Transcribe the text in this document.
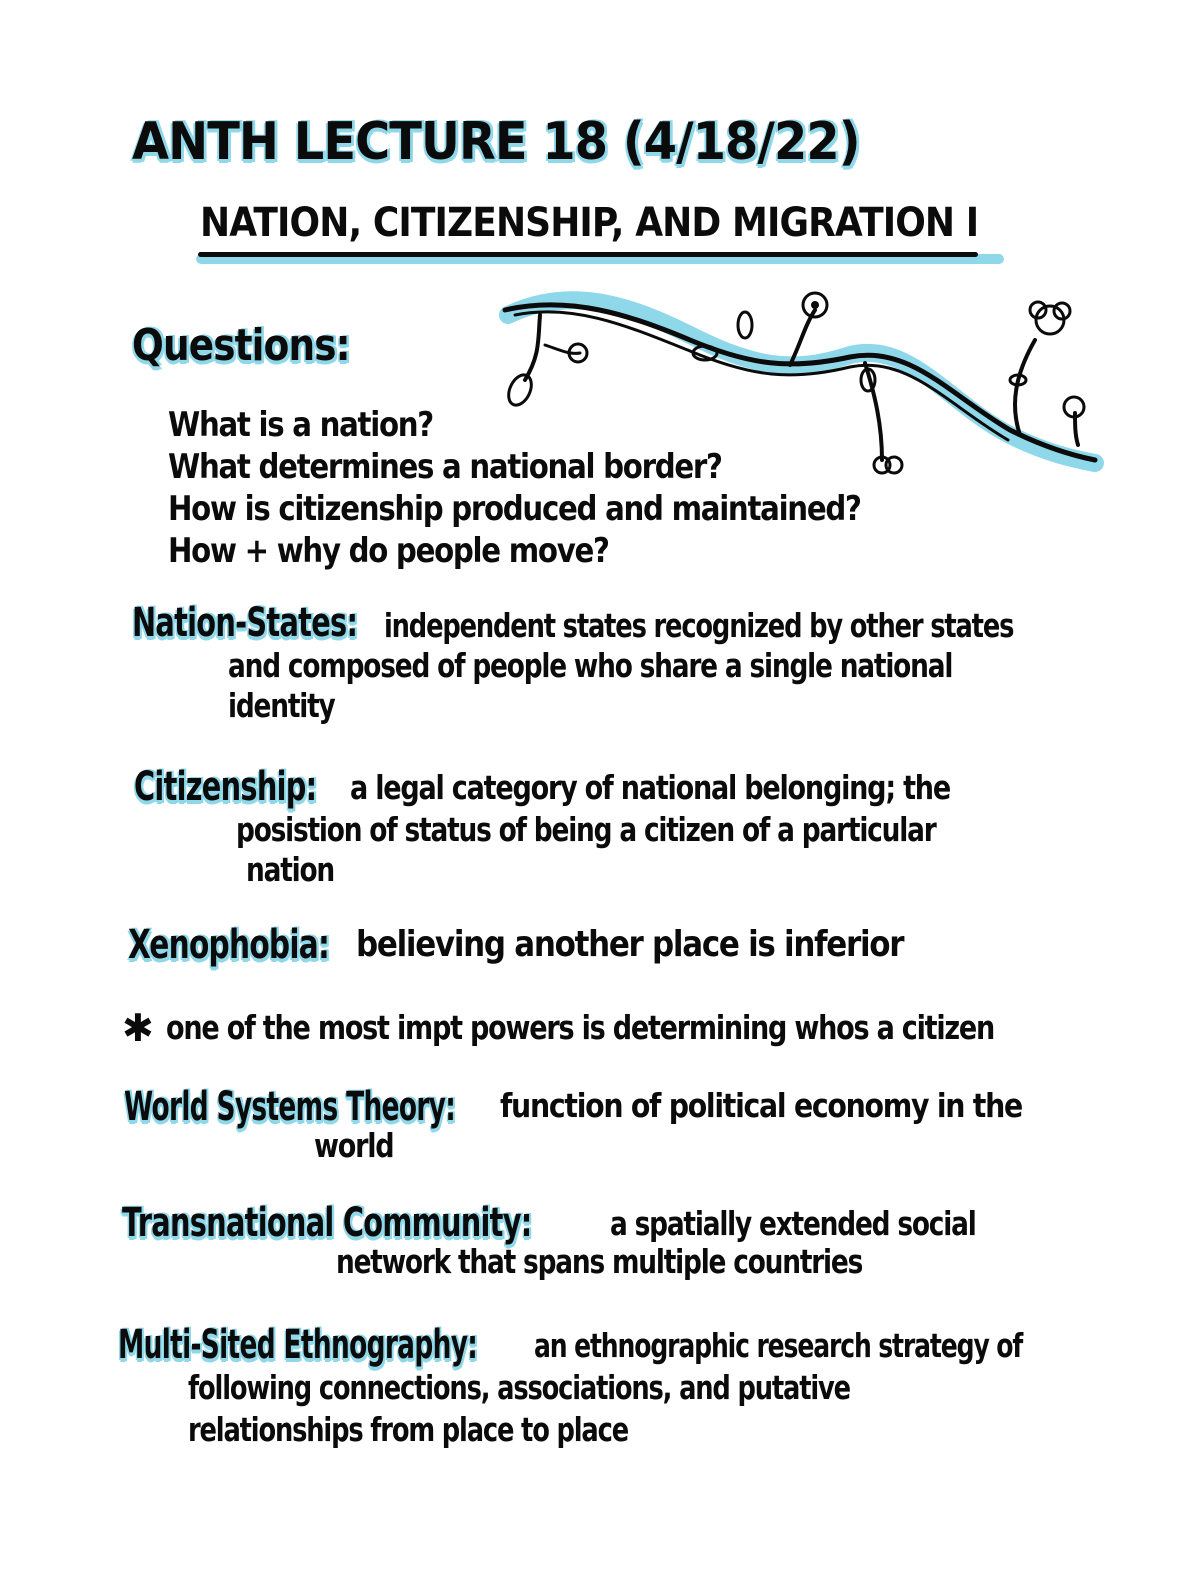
ANTH LECTURE 18 (4/18/22)
NATION, CITIZENSHIP, AND MIGRATION I
Questions:
What is a nation?
What determines a national border?
How is citizenship produced and maintained?
How + why do people move?
Nation-States: independent states recognized by other states
and composed of people who share a single national
identity
Citizenship: a legal category of national belonging; the
posistion of status of being a citizen of a particular
nation
Xenophobia: believing another place is inferior
✱ one of the most impt powers is determining whos a citizen
World Systems Theory: function of political economy in the
world
Transnational Community: a spatially extended social
network that spans multiple countries
Multi-Sited Ethnography: an ethnographic research strategy of
following connections, associations, and putative
relationships from place to place
